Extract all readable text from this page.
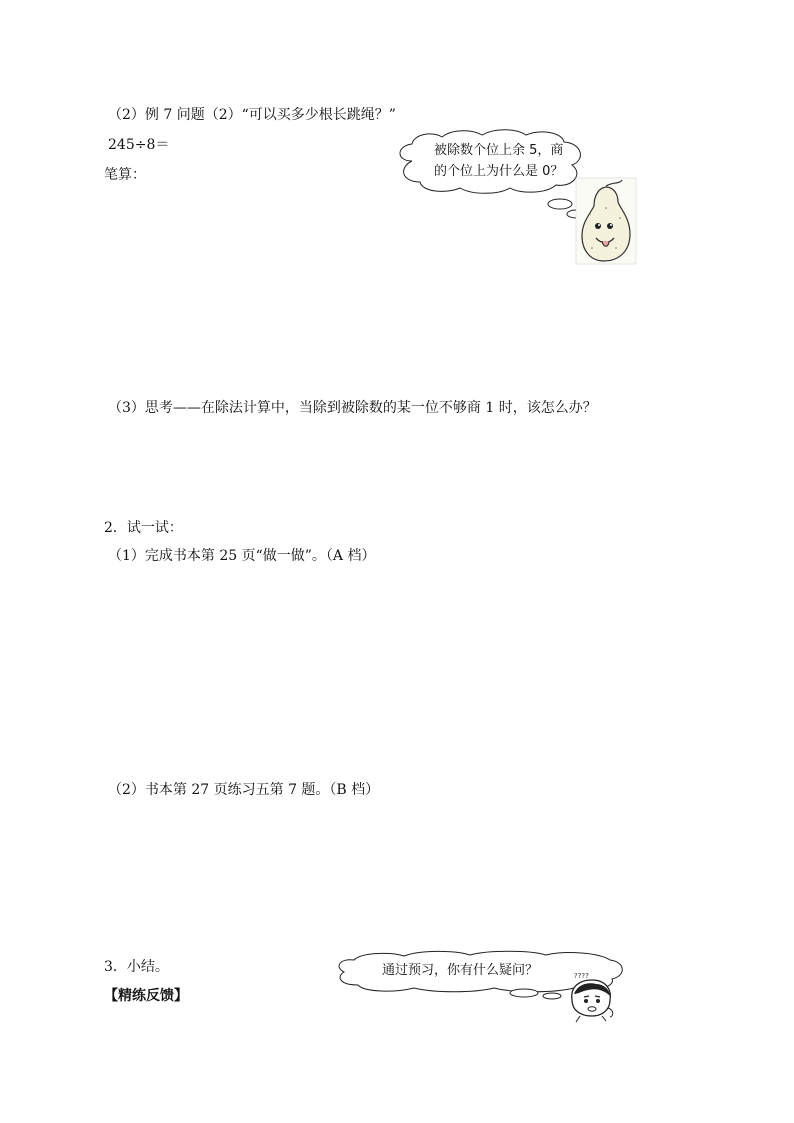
（2）例 7 问题（2）“可以买多少根长跳绳？”
245÷8＝
笔算：
被除数个位上余 5，商
的个位上为什么是 0？
（3）思考——在除法计算中，当除到被除数的某一位不够商 1 时，该怎么办？
2．试一试：
（1）完成书本第 25 页“做一做”。（A 档）
（2）书本第 27 页练习五第 7 题。（B 档）
3．小结。
【精练反馈】
通过预习，你有什么疑问？	????
